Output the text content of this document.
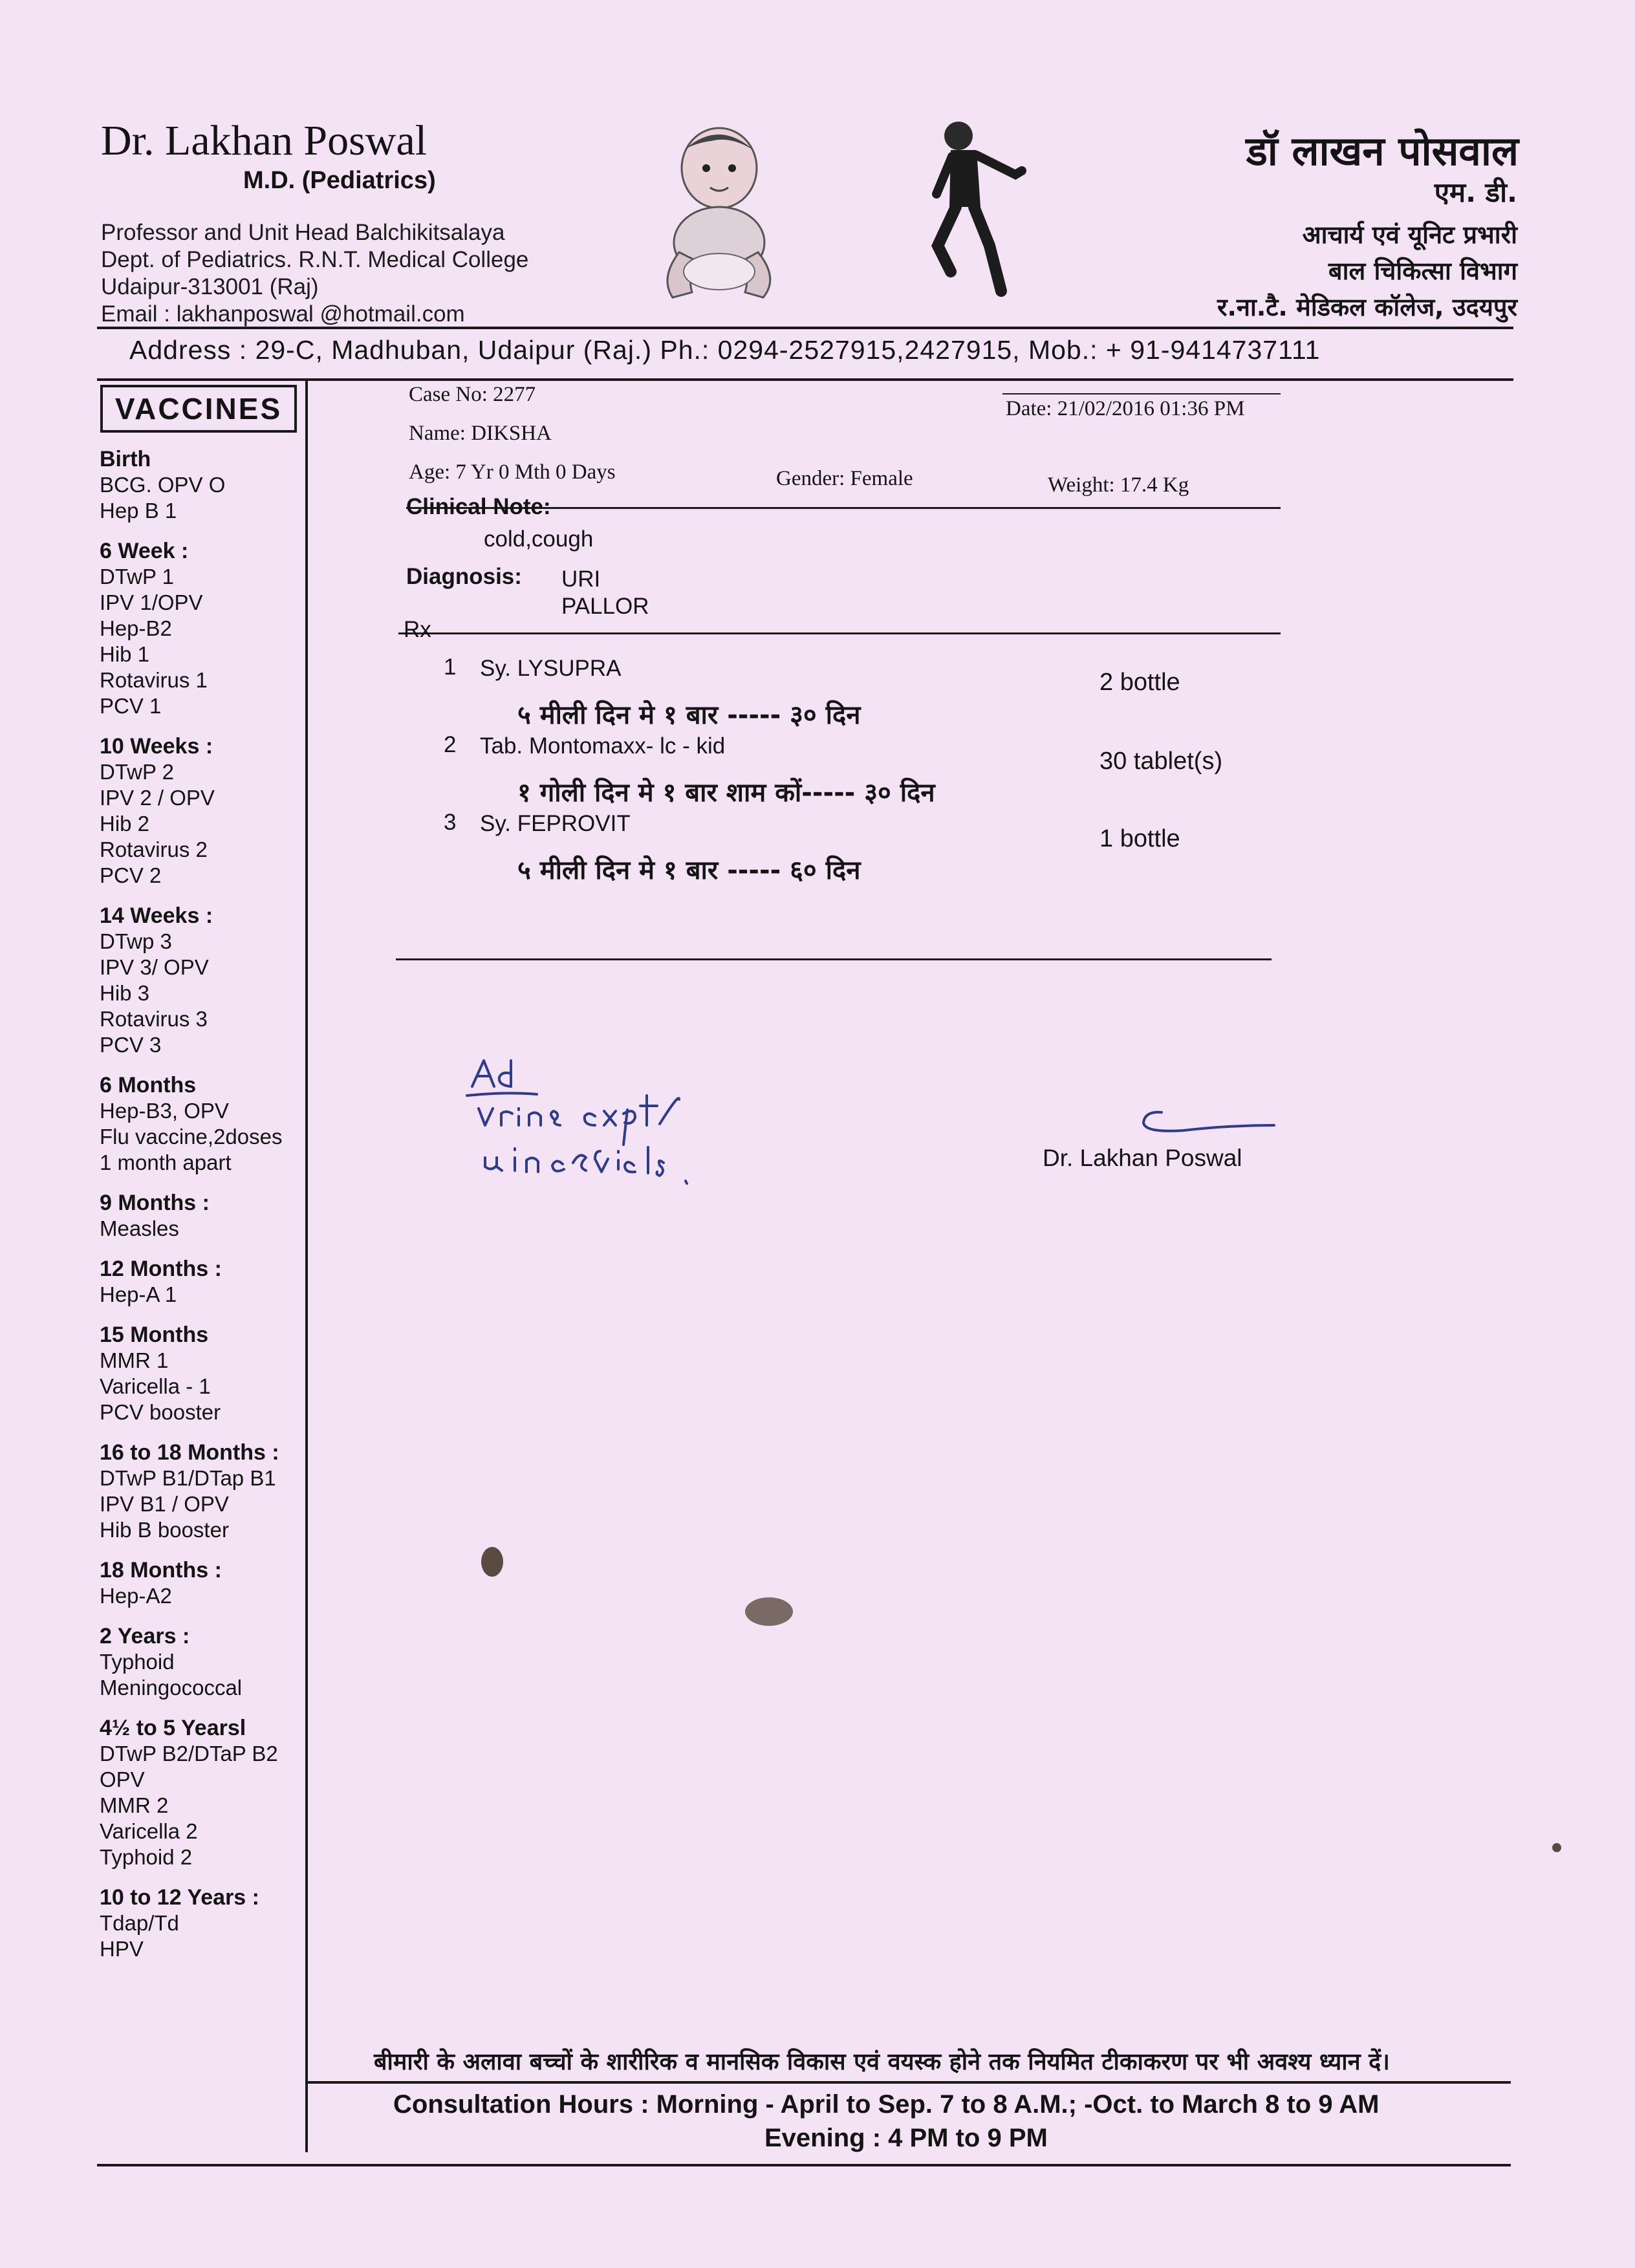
Dr. Lakhan Poswal
M.D. (Pediatrics)
Professor and Unit Head Balchikitsalaya
Dept. of Pediatrics. R.N.T. Medical College
Udaipur-313001 (Raj)
Email : lakhanposwal @hotmail.com
डॉ लाखन पोसवाल
एम. डी.
आचार्य एवं यूनिट प्रभारी
बाल चिकित्सा विभाग
र.ना.टै. मेडिकल कॉलेज, उदयपुर
Address : 29-C, Madhuban, Udaipur (Raj.) Ph.: 0294-2527915,2427915, Mob.: + 91-9414737111
VACCINES
Birth
BCG. OPV O
Hep B 1
6 Week :
DTwP 1
IPV 1/OPV
Hep-B2
Hib 1
Rotavirus 1
PCV 1
10 Weeks :
DTwP 2
IPV 2 / OPV
Hib 2
Rotavirus 2
PCV 2
14 Weeks :
DTwp 3
IPV 3/ OPV
Hib 3
Rotavirus 3
PCV 3
6 Months
Hep-B3, OPV
Flu vaccine,2doses
1 month apart
9 Months :
Measles
12 Months :
Hep-A 1
15 Months
MMR 1
Varicella - 1
PCV booster
16 to 18 Months :
DTwP B1/DTap B1
IPV B1 / OPV
Hib B booster
18 Months :
Hep-A2
2 Years :
Typhoid
Meningococcal
4½ to 5 Yearsl
DTwP B2/DTaP B2
OPV
MMR 2
Varicella 2
Typhoid 2
10 to 12 Years :
Tdap/Td
HPV
Case No: 2277
Date: 21/02/2016 01:36 PM
Name: DIKSHA
Age: 7 Yr 0 Mth 0 Days	Gender: Female	Weight: 17.4 Kg
Clinical Note:
cold,cough
Diagnosis: URI
PALLOR
Rx
1 Sy. LYSUPRA
५ मीली दिन मे १ बार ----- ३० दिन
2 bottle
2 Tab. Montomaxx- lc - kid
१ गोली दिन मे १ बार शाम कों----- ३० दिन
30 tablet(s)
3 Sy. FEPROVIT
५ मीली दिन मे १ बार ----- ६० दिन
1 bottle
Dr. Lakhan Poswal
बीमारी के अलावा बच्चों के शारीरिक व मानसिक विकास एवं वयस्क होने तक नियमित टीकाकरण पर भी अवश्य ध्यान दें।
Consultation Hours : Morning - April to Sep. 7 to 8 A.M.; -Oct. to March 8 to 9 AM
Evening : 4 PM to 9 PM
